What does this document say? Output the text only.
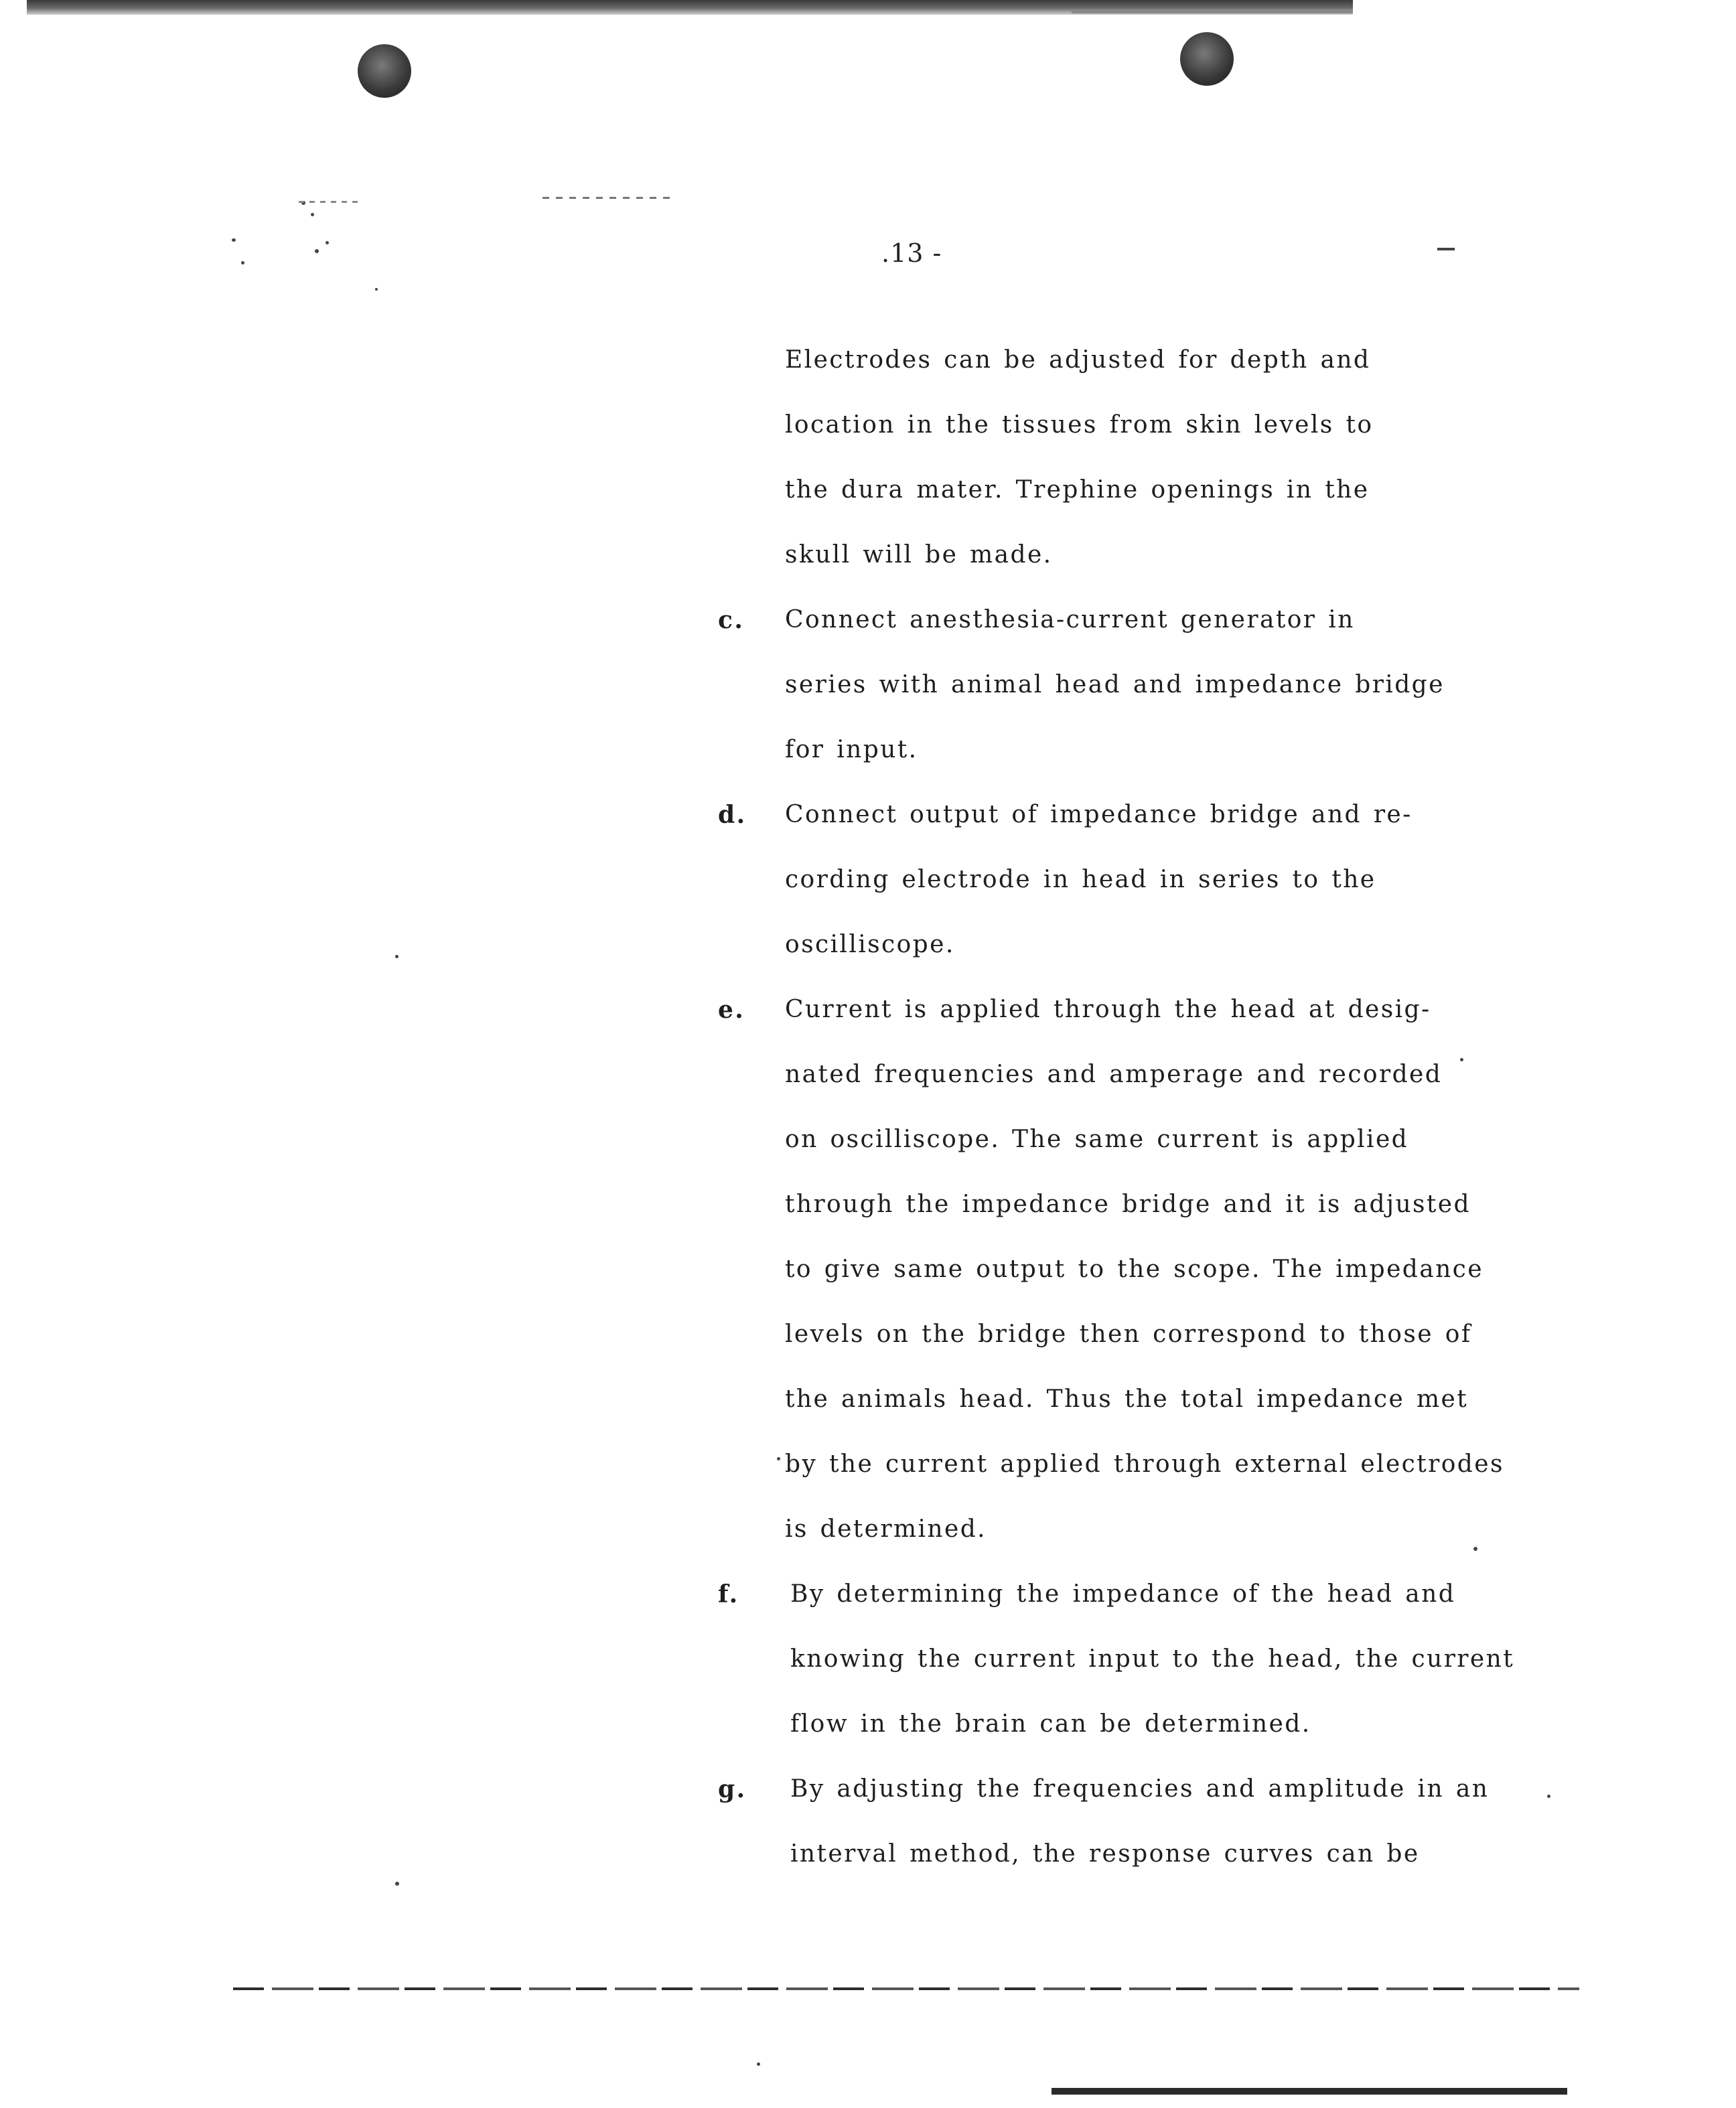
.13 -
Electrodes can be adjusted for depth and
location in the tissues from skin levels to
the dura mater. Trephine openings in the
skull will be made.
c. Connect anesthesia-current generator in
series with animal head and impedance bridge
for input.
d. Connect output of impedance bridge and re-
cording electrode in head in series to the
oscilliscope.
e. Current is applied through the head at desig-
nated frequencies and amperage and recorded
on oscilliscope. The same current is applied
through the impedance bridge and it is adjusted
to give same output to the scope. The impedance
levels on the bridge then correspond to those of
the animals head. Thus the total impedance met
by the current applied through external electrodes
is determined.
f. By determining the impedance of the head and
knowing the current input to the head, the current
flow in the brain can be determined.
g. By adjusting the frequencies and amplitude in an
interval method, the response curves can be
